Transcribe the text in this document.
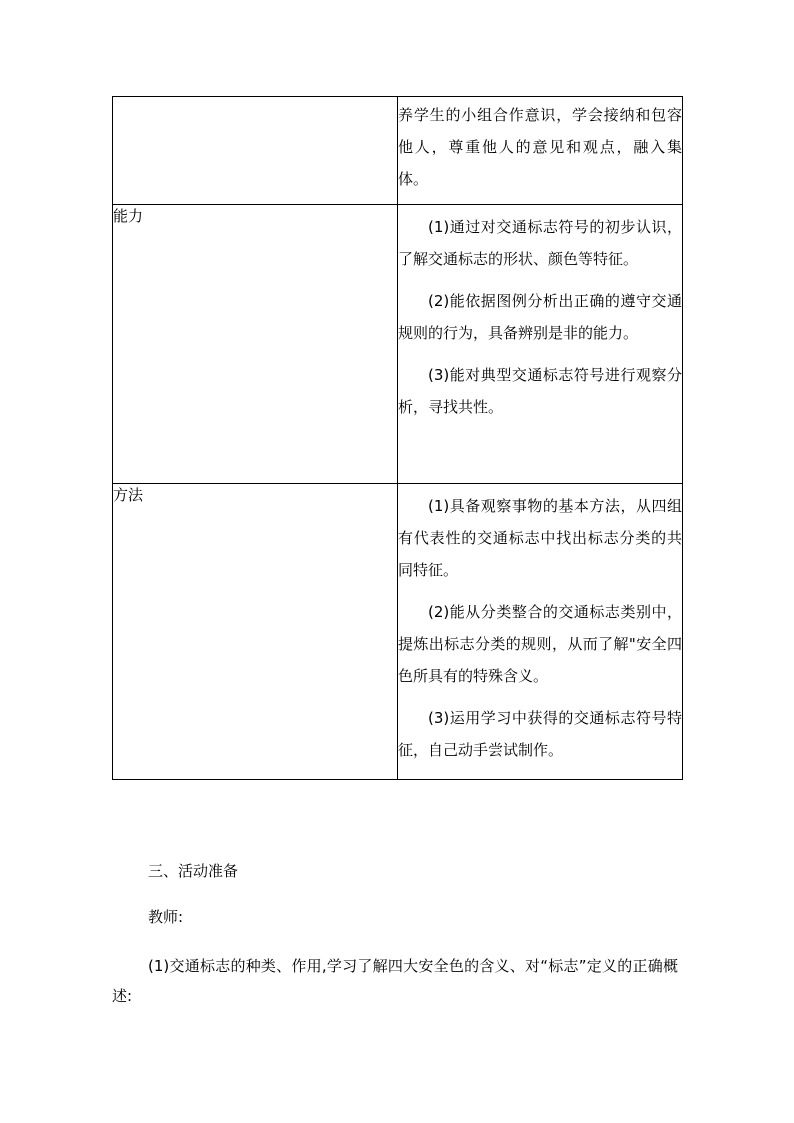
	养学生的小组合作意识，学会接纳和包容他人，尊重他人的意见和观点，融入集体。

能力	(1)通过对交通标志符号的初步认识，了解交通标志的形状、颜色等特征。

(2)能依据图例分析出正确的遵守交通规则的行为，具备辨别是非的能力。

(3)能对典型交通标志符号进行观察分析，寻找共性。

方法	(1)具备观察事物的基本方法，从四组有代表性的交通标志中找出标志分类的共同特征。

(2)能从分类整合的交通标志类别中，提炼出标志分类的规则，从而了解"安全四色所具有的特殊含义。

(3)运用学习中获得的交通标志符号特征，自己动手尝试制作。

三、活动准备
教师:

(1)交通标志的种类、作用,学习了解四大安全色的含义、对“标志”定义的正确概述:
